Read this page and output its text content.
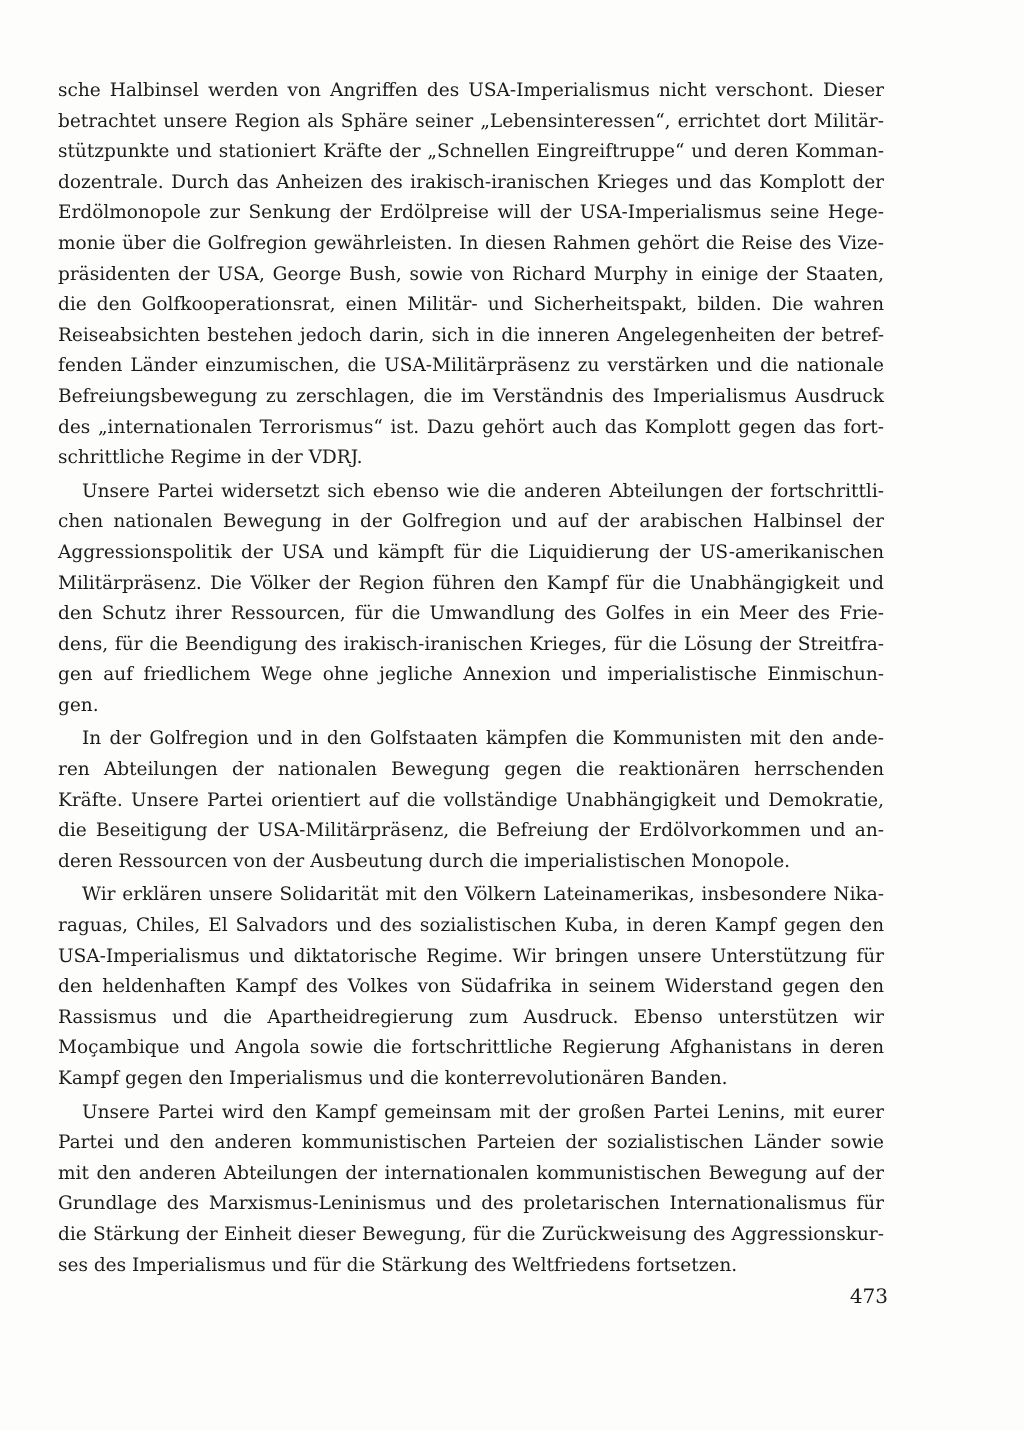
sche Halbinsel werden von Angriffen des USA-Imperialismus nicht verschont. Dieser
betrachtet unsere Region als Sphäre seiner „Lebensinteressen“, errichtet dort Militär-
stützpunkte und stationiert Kräfte der „Schnellen Eingreiftruppe“ und deren Komman-
dozentrale. Durch das Anheizen des irakisch-iranischen Krieges und das Komplott der
Erdölmonopole zur Senkung der Erdölpreise will der USA-Imperialismus seine Hege-
monie über die Golfregion gewährleisten. In diesen Rahmen gehört die Reise des Vize-
präsidenten der USA, George Bush, sowie von Richard Murphy in einige der Staaten,
die den Golfkooperationsrat, einen Militär- und Sicherheitspakt, bilden. Die wahren
Reiseabsichten bestehen jedoch darin, sich in die inneren Angelegenheiten der betref-
fenden Länder einzumischen, die USA-Militärpräsenz zu verstärken und die nationale
Befreiungsbewegung zu zerschlagen, die im Verständnis des Imperialismus Ausdruck
des „internationalen Terrorismus“ ist. Dazu gehört auch das Komplott gegen das fort-
schrittliche Regime in der VDRJ.
Unsere Partei widersetzt sich ebenso wie die anderen Abteilungen der fortschrittli-
chen nationalen Bewegung in der Golfregion und auf der arabischen Halbinsel der
Aggressionspolitik der USA und kämpft für die Liquidierung der US-amerikanischen
Militärpräsenz. Die Völker der Region führen den Kampf für die Unabhängigkeit und
den Schutz ihrer Ressourcen, für die Umwandlung des Golfes in ein Meer des Frie-
dens, für die Beendigung des irakisch-iranischen Krieges, für die Lösung der Streitfra-
gen auf friedlichem Wege ohne jegliche Annexion und imperialistische Einmischun-
gen.
In der Golfregion und in den Golfstaaten kämpfen die Kommunisten mit den ande-
ren Abteilungen der nationalen Bewegung gegen die reaktionären herrschenden
Kräfte. Unsere Partei orientiert auf die vollständige Unabhängigkeit und Demokratie,
die Beseitigung der USA-Militärpräsenz, die Befreiung der Erdölvorkommen und an-
deren Ressourcen von der Ausbeutung durch die imperialistischen Monopole.
Wir erklären unsere Solidarität mit den Völkern Lateinamerikas, insbesondere Nika-
raguas, Chiles, El Salvadors und des sozialistischen Kuba, in deren Kampf gegen den
USA-Imperialismus und diktatorische Regime. Wir bringen unsere Unterstützung für
den heldenhaften Kampf des Volkes von Südafrika in seinem Widerstand gegen den
Rassismus und die Apartheidregierung zum Ausdruck. Ebenso unterstützen wir
Moçambique und Angola sowie die fortschrittliche Regierung Afghanistans in deren
Kampf gegen den Imperialismus und die konterrevolutionären Banden.
Unsere Partei wird den Kampf gemeinsam mit der großen Partei Lenins, mit eurer
Partei und den anderen kommunistischen Parteien der sozialistischen Länder sowie
mit den anderen Abteilungen der internationalen kommunistischen Bewegung auf der
Grundlage des Marxismus-Leninismus und des proletarischen Internationalismus für
die Stärkung der Einheit dieser Bewegung, für die Zurückweisung des Aggressionskur-
ses des Imperialismus und für die Stärkung des Weltfriedens fortsetzen.
473
